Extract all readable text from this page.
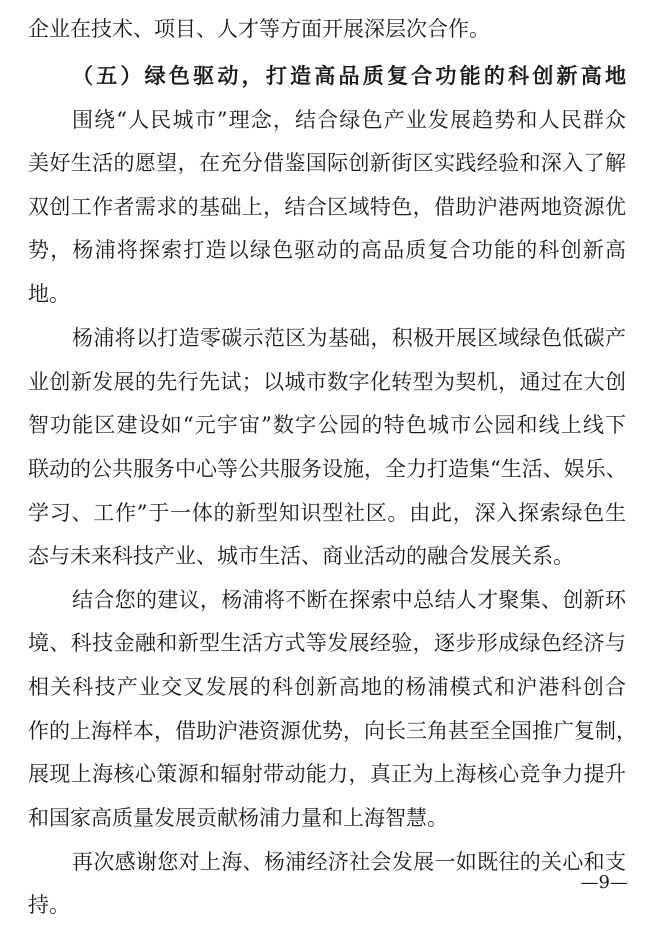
企业在技术、项目、人才等方面开展深层次合作。
（五）绿色驱动，打造高品质复合功能的科创新高地
围绕“人民城市”理念，结合绿色产业发展趋势和人民群众
美好生活的愿望，在充分借鉴国际创新街区实践经验和深入了解
双创工作者需求的基础上，结合区域特色，借助沪港两地资源优
势，杨浦将探索打造以绿色驱动的高品质复合功能的科创新高
地。
杨浦将以打造零碳示范区为基础，积极开展区域绿色低碳产
业创新发展的先行先试；以城市数字化转型为契机，通过在大创
智功能区建设如“元宇宙”数字公园的特色城市公园和线上线下
联动的公共服务中心等公共服务设施，全力打造集“生活、娱乐、
学习、工作”于一体的新型知识型社区。由此，深入探索绿色生
态与未来科技产业、城市生活、商业活动的融合发展关系。
结合您的建议，杨浦将不断在探索中总结人才聚集、创新环
境、科技金融和新型生活方式等发展经验，逐步形成绿色经济与
相关科技产业交叉发展的科创新高地的杨浦模式和沪港科创合
作的上海样本，借助沪港资源优势，向长三角甚至全国推广复制，
展现上海核心策源和辐射带动能力，真正为上海核心竞争力提升
和国家高质量发展贡献杨浦力量和上海智慧。
再次感谢您对上海、杨浦经济社会发展一如既往的关心和支
持。
—9—
